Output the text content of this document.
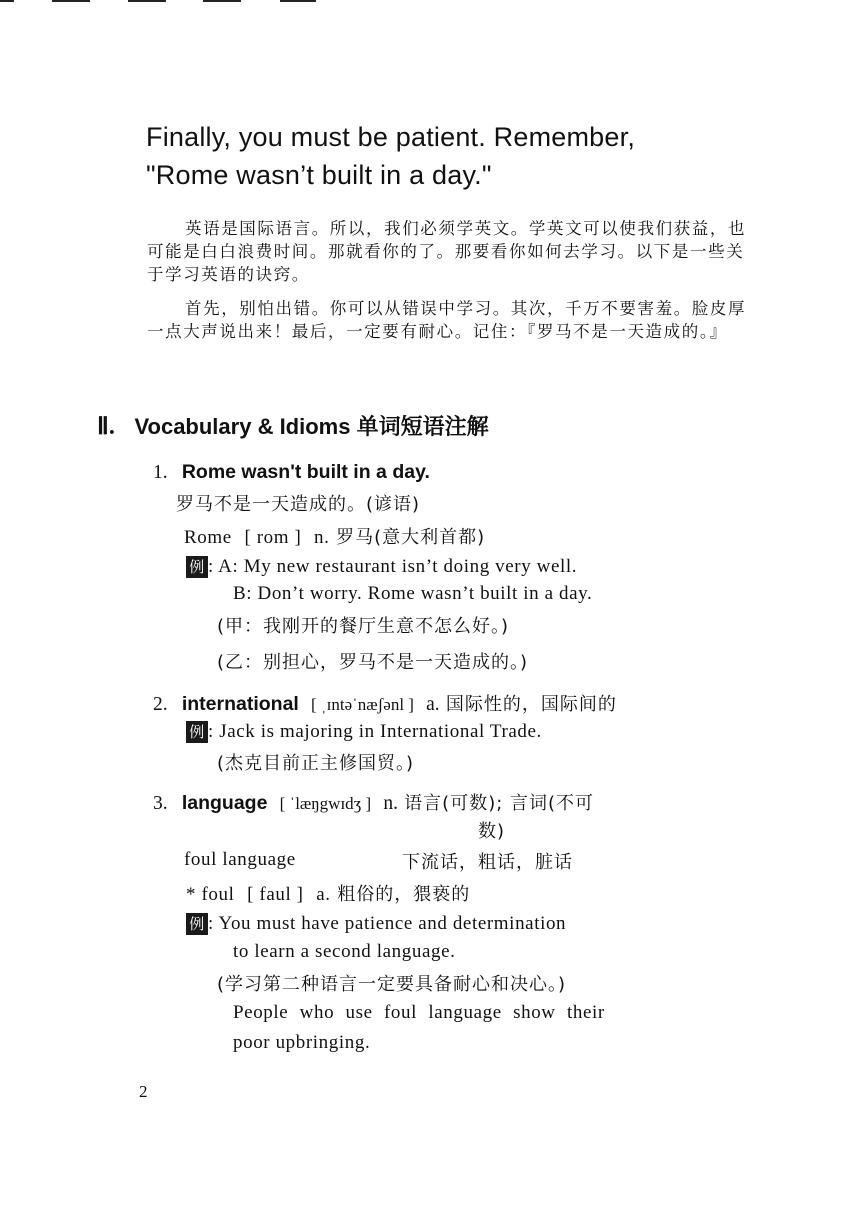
Finally, you must be patient. Remember,
"Rome wasn’t built in a day."
英语是国际语言。所以，我们必须学英文。学英文可以使我们获益，也可能是白白浪费时间。那就看你的了。那要看你如何去学习。以下是一些关于学习英语的诀窍。
首先，别怕出错。你可以从错误中学习。其次，千万不要害羞。脸皮厚一点大声说出来！最后，一定要有耐心。记住：『罗马不是一天造成的。』
Ⅱ. Vocabulary & Idioms 单词短语注解
1. Rome wasn't built in a day.
罗马不是一天造成的。(谚语)
Rome [ rom ] n. 罗马(意大利首都)
例 : A: My new restaurant isn’t doing very well.
B: Don’t worry. Rome wasn’t built in a day.
(甲：我刚开的餐厅生意不怎么好。)
(乙：别担心，罗马不是一天造成的。)
2. international [ ˌɪntəˈnæʃənl ] a. 国际性的，国际间的
例 : Jack is majoring in International Trade.
(杰克目前正主修国贸。)
3. language [ ˈlæŋgwɪdʒ ] n. 语言(可数); 言词(不可
数)
foul language	下流话，粗话，脏话
* foul [ faul ] a. 粗俗的，猥亵的
例 : You must have patience and determination
to learn a second language.
(学习第二种语言一定要具备耐心和决心。)
People who use foul language show their
poor upbringing.
2
